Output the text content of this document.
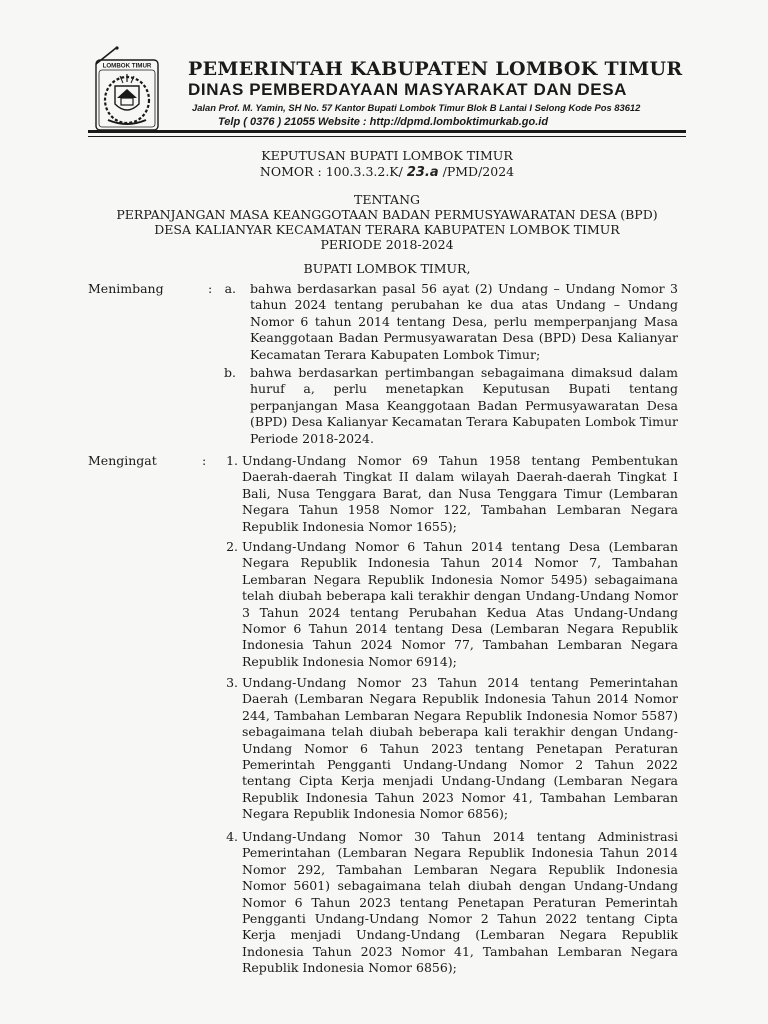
LOMBOK TIMUR PEMERINTAH KABUPATEN LOMBOK TIMUR

DINAS PEMBERDAYAAN MASYARAKAT DAN DESA

Jalan Prof. M. Yamin, SH No. 57 Kantor Bupati Lombok Timur Blok B Lantai I Selong Kode Pos 83612

Telp ( 0376 ) 21055 Website : http://dpmd.lomboktimurkab.go.id

KEPUTUSAN BUPATI LOMBOK TIMUR
NOMOR : 100.3.3.2.K/ 23.a /PMD/2024
TENTANG
PERPANJANGAN MASA KEANGGOTAAN BADAN PERMUSYAWARATAN DESA (BPD)
DESA KALIANYAR KECAMATAN TERARA KABUPATEN LOMBOK TIMUR
PERIODE 2018-2024
BUPATI LOMBOK TIMUR,
Menimbang	: a. bahwa berdasarkan pasal 56 ayat (2) Undang – Undang Nomor 3 tahun 2024 tentang perubahan ke dua atas Undang – Undang Nomor 6 tahun 2014 tentang Desa, perlu memperpanjang Masa Keanggotaan Badan Permusyawaratan Desa (BPD) Desa Kalianyar Kecamatan Terara Kabupaten Lombok Timur;

b. bahwa berdasarkan pertimbangan sebagaimana dimaksud dalam huruf a, perlu menetapkan Keputusan Bupati tentang perpanjangan Masa Keanggotaan Badan Permusyawaratan Desa (BPD) Desa Kalianyar Kecamatan Terara Kabupaten Lombok Timur Periode 2018-2024.

Mengingat	:	1. Undang-Undang Nomor 69 Tahun 1958 tentang Pembentukan Daerah-daerah Tingkat II dalam wilayah Daerah-daerah Tingkat I Bali, Nusa Tenggara Barat, dan Nusa Tenggara Timur (Lembaran Negara Tahun 1958 Nomor 122, Tambahan Lembaran Negara Republik Indonesia Nomor 1655);

2. Undang-Undang Nomor 6 Tahun 2014 tentang Desa (Lembaran Negara Republik Indonesia Tahun 2014 Nomor 7, Tambahan Lembaran Negara Republik Indonesia Nomor 5495) sebagaimana telah diubah beberapa kali terakhir dengan Undang-Undang Nomor 3 Tahun 2024 tentang Perubahan Kedua Atas Undang-Undang Nomor 6 Tahun 2014 tentang Desa (Lembaran Negara Republik Indonesia Tahun 2024 Nomor 77, Tambahan Lembaran Negara Republik Indonesia Nomor 6914);

3. Undang-Undang Nomor 23 Tahun 2014 tentang Pemerintahan Daerah (Lembaran Negara Republik Indonesia Tahun 2014 Nomor 244, Tambahan Lembaran Negara Republik Indonesia Nomor 5587) sebagaimana telah diubah beberapa kali terakhir dengan Undang-Undang Nomor 6 Tahun 2023 tentang Penetapan Peraturan Pemerintah Pengganti Undang-Undang Nomor 2 Tahun 2022 tentang Cipta Kerja menjadi Undang-Undang (Lembaran Negara Republik Indonesia Tahun 2023 Nomor 41, Tambahan Lembaran Negara Republik Indonesia Nomor 6856);

4. Undang-Undang Nomor 30 Tahun 2014 tentang Administrasi Pemerintahan (Lembaran Negara Republik Indonesia Tahun 2014 Nomor 292, Tambahan Lembaran Negara Republik Indonesia Nomor 5601) sebagaimana telah diubah dengan Undang-Undang Nomor 6 Tahun 2023 tentang Penetapan Peraturan Pemerintah Pengganti Undang-Undang Nomor 2 Tahun 2022 tentang Cipta Kerja menjadi Undang-Undang (Lembaran Negara Republik Indonesia Tahun 2023 Nomor 41, Tambahan Lembaran Negara Republik Indonesia Nomor 6856);
